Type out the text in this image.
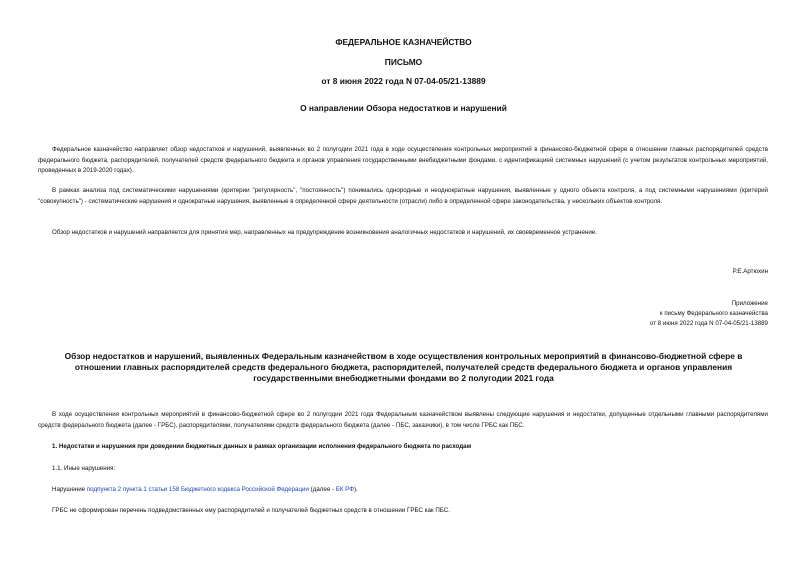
ФЕДЕРАЛЬНОЕ КАЗНАЧЕЙСТВО
ПИСЬМО
от 8 июня 2022 года N 07-04-05/21-13889
О направлении Обзора недостатков и нарушений
Федеральное казначейство направляет обзор недостатков и нарушений, выявленных во 2 полугодии 2021 года в ходе осуществления контрольных мероприятий в финансово-бюджетной сфере в отношении главных распорядителей средств федерального бюджета, распорядителей, получателей средств федерального бюджета и органов управления государственными внебюджетными фондами, с идентификацией системных нарушений (с учетом результатов контрольных мероприятий, проведенных в 2019-2020 годах).
В рамках анализа под систематическими нарушениями (критерии "регулярность", "постоянность") понимались однородные и неоднократные нарушения, выявленные у одного объекта контроля, а под системными нарушениями (критерий "совокупность") - систематические нарушения и однократные нарушения, выявленные в определенной сфере деятельности (отрасли) либо в определенной сфере законодательства, у нескольких объектов контроля.
Обзор недостатков и нарушений направляется для принятия мер, направленных на предупреждение возникновения аналогичных недостатков и нарушений, их своевременное устранение.
Р.Е.Артюхин
Приложение
к письму Федерального казначейства
от 8 июня 2022 года N 07-04-05/21-13889
Обзор недостатков и нарушений, выявленных Федеральным казначейством в ходе осуществления контрольных мероприятий в финансово-бюджетной сфере в отношении главных распорядителей средств федерального бюджета, распорядителей, получателей средств федерального бюджета и органов управления государственными внебюджетными фондами во 2 полугодии 2021 года
В ходе осуществления контрольных мероприятий в финансово-бюджетной сфере во 2 полугодии 2021 года Федеральным казначейством выявлены следующие нарушения и недостатки, допущенные отдельными главными распорядителями средств федерального бюджета (далее - ГРБС), распорядителями, получателями средств федерального бюджета (далее - ПБС, заказчики), в том числе ГРБС как ПБС.
1. Недостатки и нарушения при доведении бюджетных данных в рамках организации исполнения федерального бюджета по расходам
1.1. Иные нарушения:
Нарушение подпункта 2 пункта 1 статьи 158 Бюджетного кодекса Российской Федерации (далее - БК РФ).
ГРБС не сформирован перечень подведомственных ему распорядителей и получателей бюджетных средств в отношении ГРБС как ПБС.
